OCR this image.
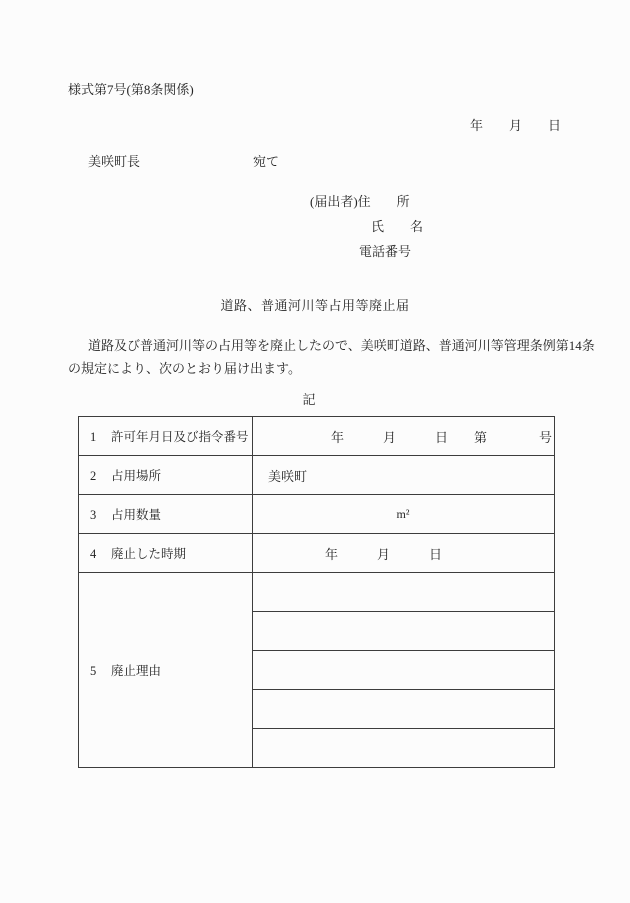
様式第7号(第8条関係)
年　　月　　日
美咲町長	宛て
(届出者)住　　所
氏　　名
電話番号
道路、普通河川等占用等廃止届
道路及び普通河川等の占用等を廃止したので、美咲町道路、普通河川等管理条例第14条
の規定により、次のとおり届け出ます。
記
1 許可年月日及び指令番号	年　　　月　　　日　　第　　　　号
2 占用場所	美咲町
3 占用数量	m²
4 廃止した時期	年　　　月　　　日
5 廃止理由	
